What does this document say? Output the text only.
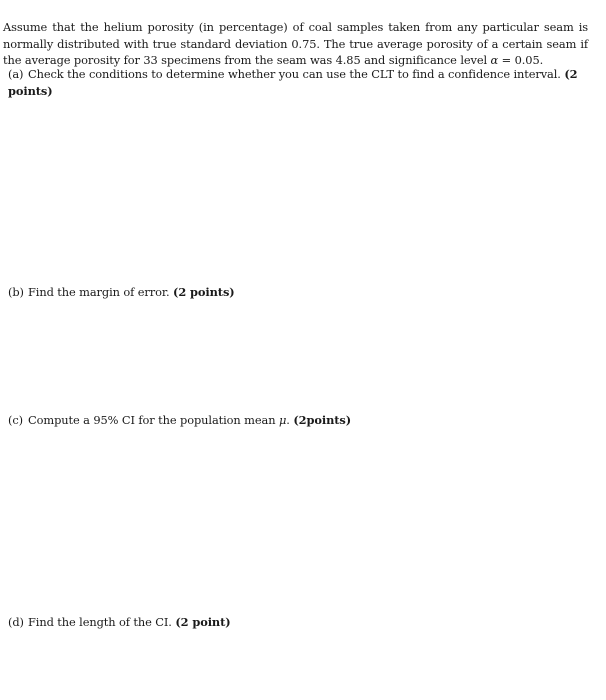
Assume that the helium porosity (in percentage) of coal samples taken from any particular seam is normally distributed with true standard deviation 0.75. The true average porosity of a certain seam if the average porosity for 33 specimens from the seam was 4.85 and significance level α = 0.05.

(a) Check the conditions to determine whether you can use the CLT to find a confidence interval. (2 points)
(b) Find the margin of error. (2 points)
(c) Compute a 95% CI for the population mean μ. (2points)
(d) Find the length of the CI. (2 point)
